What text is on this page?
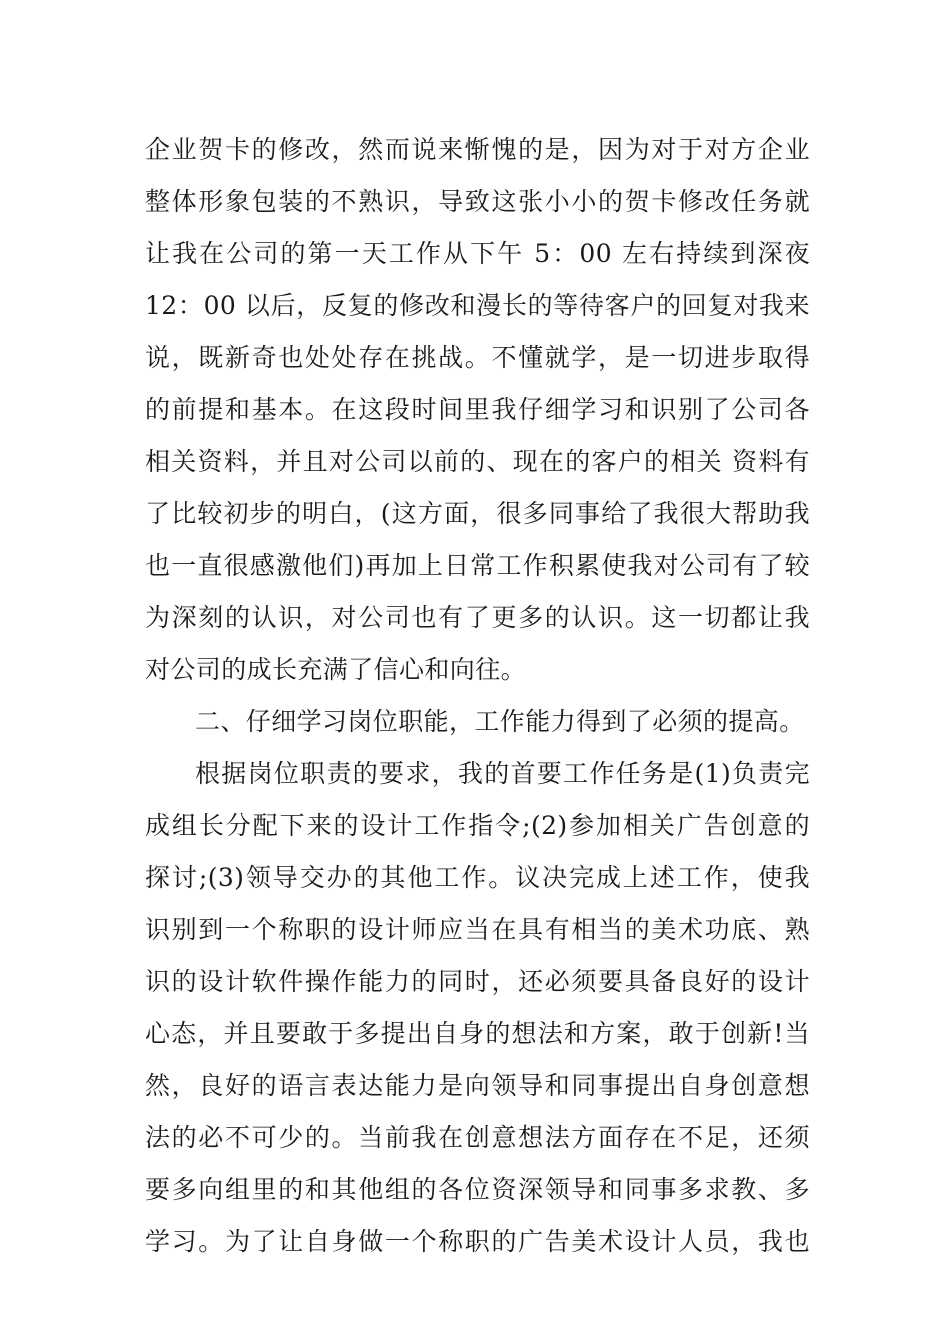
企业贺卡的修改，然而说来惭愧的是，因为对于对方企业
整体形象包装的不熟识，导致这张小小的贺卡修改任务就
让我在公司的第一天工作从下午 5：00 左右持续到深夜
12：00 以后，反复的修改和漫长的等待客户的回复对我来
说，既新奇也处处存在挑战。不懂就学，是一切进步取得
的前提和基本。在这段时间里我仔细学习和识别了公司各
相关资料，并且对公司以前的、现在的客户的相关 资料有
了比较初步的明白，(这方面，很多同事给了我很大帮助我
也一直很感激他们)再加上日常工作积累使我对公司有了较
为深刻的认识，对公司也有了更多的认识。这一切都让我
对公司的成长充满了信心和向往。
二、仔细学习岗位职能，工作能力得到了必须的提高。
根据岗位职责的要求，我的首要工作任务是(1)负责完
成组长分配下来的设计工作指令;(2)参加相关广告创意的
探讨;(3)领导交办的其他工作。议决完成上述工作，使我
识别到一个称职的设计师应当在具有相当的美术功底、熟
识的设计软件操作能力的同时，还必须要具备良好的设计
心态，并且要敢于多提出自身的想法和方案，敢于创新!当
然，良好的语言表达能力是向领导和同事提出自身创意想
法的必不可少的。当前我在创意想法方面存在不足，还须
要多向组里的和其他组的各位资深领导和同事多求教、多
学习。为了让自身做一个称职的广告美术设计人员，我也
